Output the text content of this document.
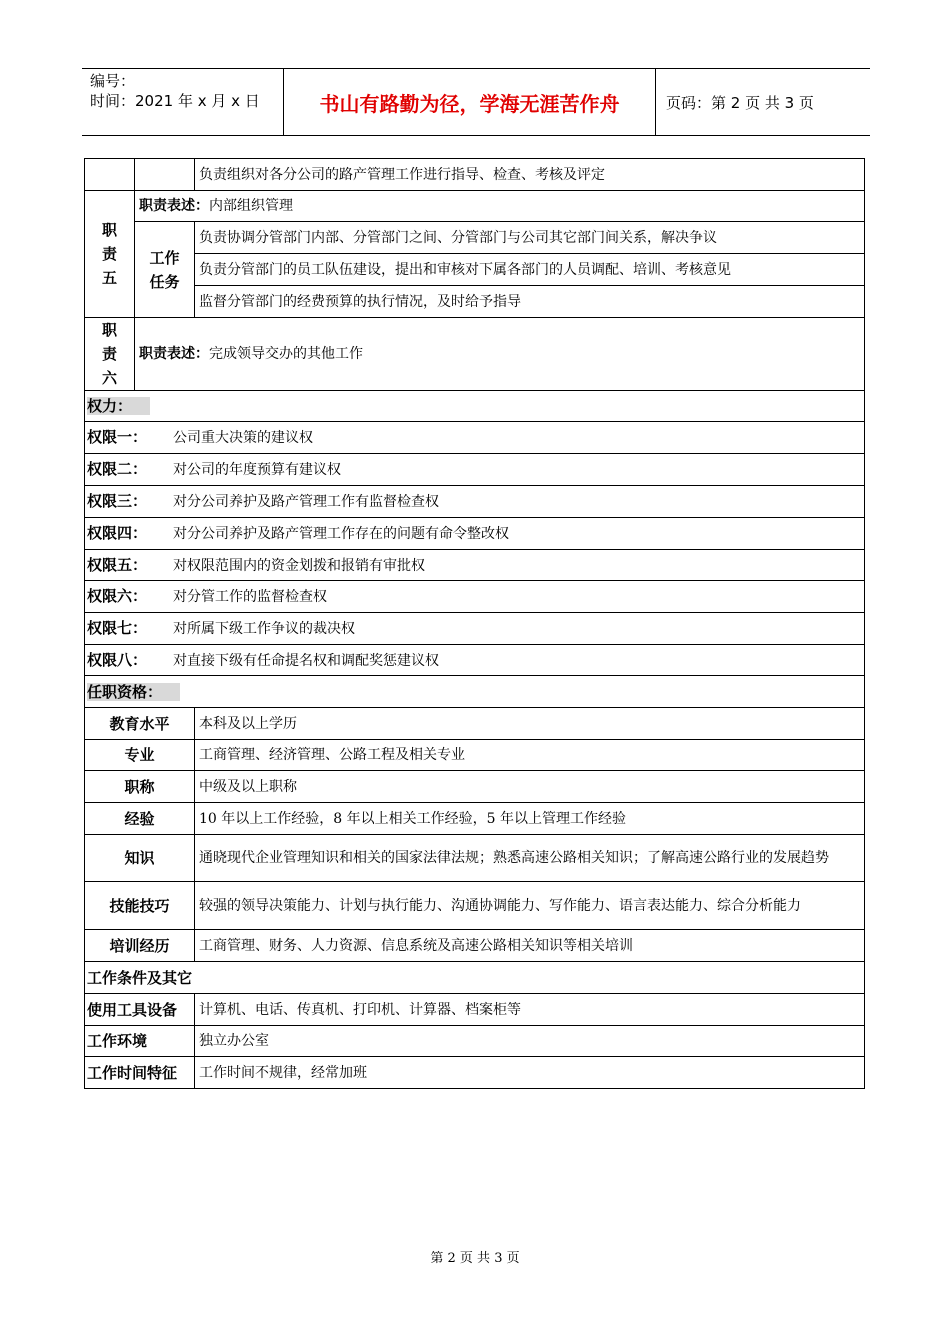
编号：
时间：2021 年 x 月 x 日	书山有路勤为径，学海无涯苦作舟	页码：第 2 页 共 3 页
		负责组织对各分公司的路产管理工作进行指导、检查、考核及评定
职
责
五	职责表述：内部组织管理	
	工作
任务	负责协调分管部门内部、分管部门之间、分管部门与公司其它部门间关系，解决争议
		负责分管部门的员工队伍建设，提出和审核对下属各部门的人员调配、培训、考核意见
		监督分管部门的经费预算的执行情况，及时给予指导
职
责
六	职责表述：完成领导交办的其他工作	
权力：		
权限一： 公司重大决策的建议权		
权限二： 对公司的年度预算有建议权		
权限三： 对分公司养护及路产管理工作有监督检查权		
权限四： 对分公司养护及路产管理工作存在的问题有命令整改权		
权限五： 对权限范围内的资金划拨和报销有审批权		
权限六： 对分管工作的监督检查权		
权限七： 对所属下级工作争议的裁决权		
权限八： 对直接下级有任命提名权和调配奖惩建议权		
任职资格：		
教育水平		本科及以上学历
专业		工商管理、经济管理、公路工程及相关专业
职称		中级及以上职称
经验		10 年以上工作经验，8 年以上相关工作经验，5 年以上管理工作经验
知识		通晓现代企业管理知识和相关的国家法律法规；熟悉高速公路相关知识；了解高速公路行业的发展趋势
技能技巧		较强的领导决策能力、计划与执行能力、沟通协调能力、写作能力、语言表达能力、综合分析能力
培训经历		工商管理、财务、人力资源、信息系统及高速公路相关知识等相关培训
工作条件及其它		
使用工具设备		计算机、电话、传真机、打印机、计算器、档案柜等
工作环境		独立办公室
工作时间特征		工作时间不规律，经常加班
第 2 页 共 3 页
